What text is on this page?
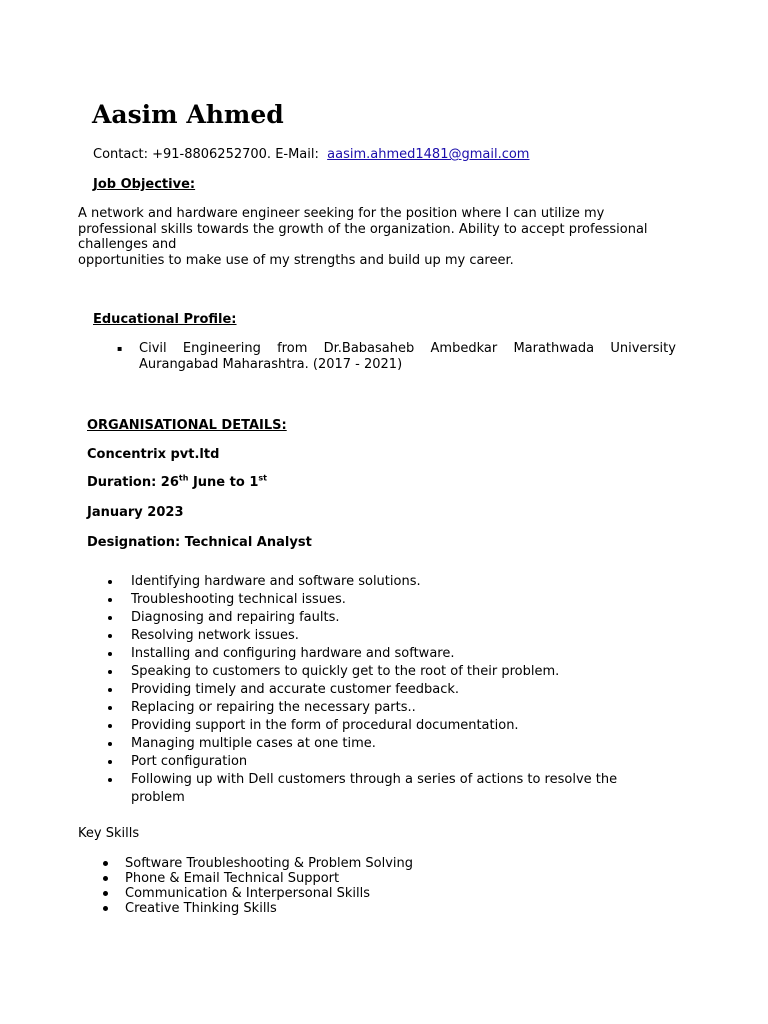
Aasim Ahmed
Contact: +91-8806252700. E-Mail: aasim.ahmed1481@gmail.com
Job Objective:
A network and hardware engineer seeking for the position where I can utilize my
professional skills towards the growth of the organization. Ability to accept professional
challenges and
opportunities to make use of my strengths and build up my career.
Educational Profile:
▪ Civil Engineering from Dr.Babasaheb Ambedkar Marathwada University
Aurangabad Maharashtra. (2017 - 2021)
ORGANISATIONAL DETAILS:
Concentrix pvt.ltd
Duration: 26th June to 1st
January 2023
Designation: Technical Analyst
Identifying hardware and software solutions.
Troubleshooting technical issues.
Diagnosing and repairing faults.
Resolving network issues.
Installing and configuring hardware and software.
Speaking to customers to quickly get to the root of their problem.
Providing timely and accurate customer feedback.
Replacing or repairing the necessary parts..
Providing support in the form of procedural documentation.
Managing multiple cases at one time.
Port configuration
Following up with Dell customers through a series of actions to resolve the problem
Key Skills
Software Troubleshooting & Problem Solving
Phone & Email Technical Support
Communication & Interpersonal Skills
Creative Thinking Skills
